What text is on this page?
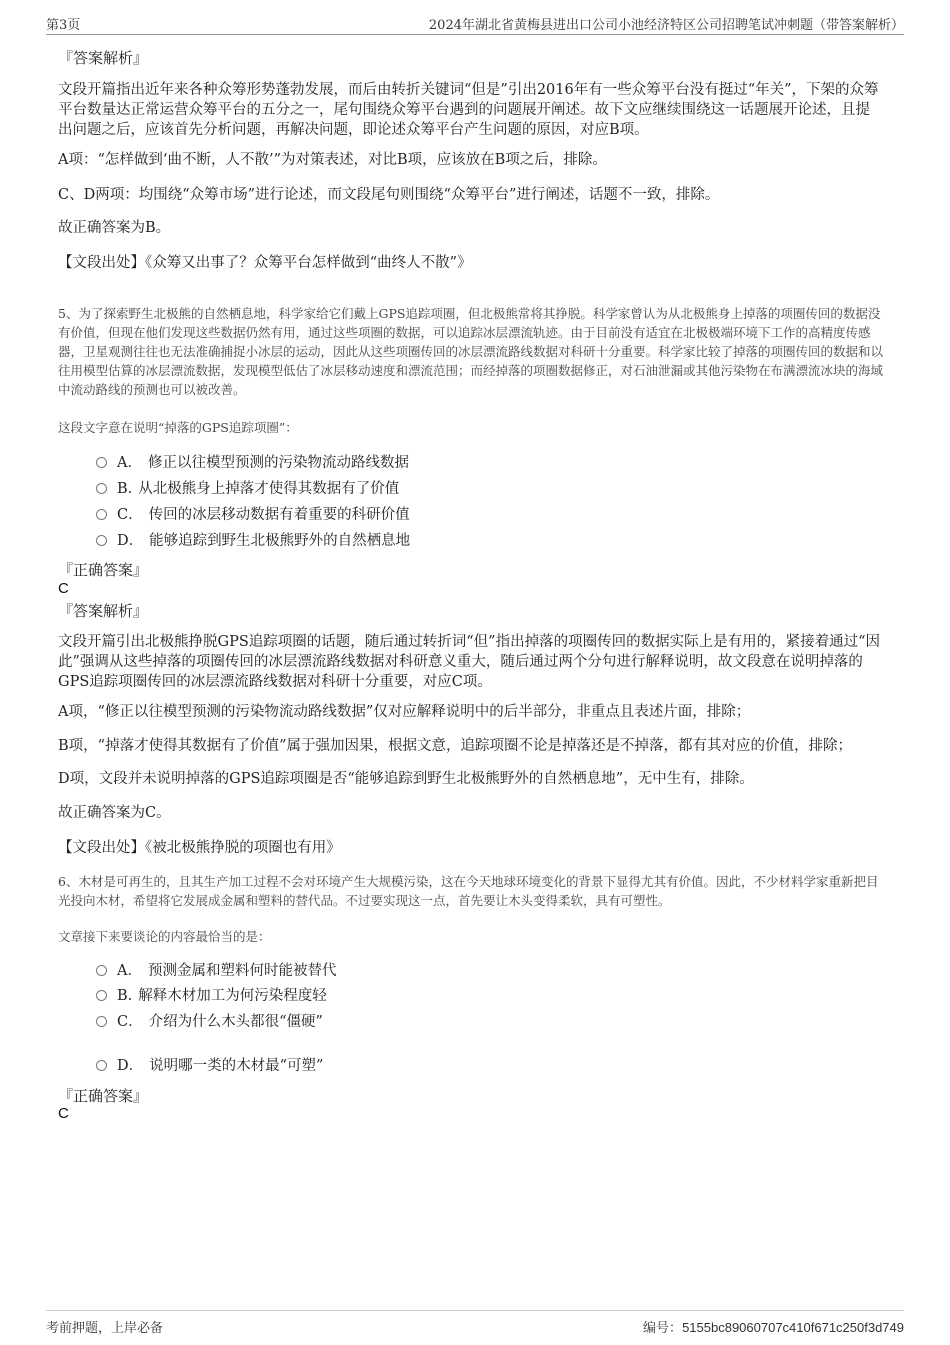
第3页	2024年湖北省黄梅县进出口公司小池经济特区公司招聘笔试冲刺题（带答案解析）
『答案解析』
文段开篇指出近年来各种众筹形势蓬勃发展，而后由转折关键词“但是”引出2016年有一些众筹平台没有挺过“年关”，下架的众筹平台数量达正常运营众筹平台的五分之一，尾句围绕众筹平台遇到的问题展开阐述。故下文应继续围绕这一话题展开论述，且提出问题之后，应该首先分析问题，再解决问题，即论述众筹平台产生问题的原因，对应B项。
A项：“怎样做到‘曲不断，人不散’”为对策表述，对比B项，应该放在B项之后，排除。
C、D两项：均围绕“众筹市场”进行论述，而文段尾句则围绕“众筹平台”进行阐述，话题不一致，排除。
故正确答案为B。
【文段出处】《众筹又出事了？众筹平台怎样做到“曲终人不散”》
5、为了探索野生北极熊的自然栖息地，科学家给它们戴上GPS追踪项圈，但北极熊常将其挣脱。科学家曾认为从北极熊身上掉落的项圈传回的数据没有价值，但现在他们发现这些数据仍然有用，通过这些项圈的数据，可以追踪冰层漂流轨迹。由于目前没有适宜在北极极端环境下工作的高精度传感器，卫星观测往往也无法准确捕捉小冰层的运动，因此从这些项圈传回的冰层漂流路线数据对科研十分重要。科学家比较了掉落的项圈传回的数据和以往用模型估算的冰层漂流数据，发现模型低估了冰层移动速度和漂流范围；而经掉落的项圈数据修正，对石油泄漏或其他污染物在布满漂流冰块的海域中流动路线的预测也可以被改善。
这段文字意在说明“掉落的GPS追踪项圈”：
A． 修正以往模型预测的污染物流动路线数据
B. 从北极熊身上掉落才使得其数据有了价值
C． 传回的冰层移动数据有着重要的科研价值
D． 能够追踪到野生北极熊野外的自然栖息地
『正确答案』
C
『答案解析』
文段开篇引出北极熊挣脱GPS追踪项圈的话题，随后通过转折词“但”指出掉落的项圈传回的数据实际上是有用的，紧接着通过“因此”强调从这些掉落的项圈传回的冰层漂流路线数据对科研意义重大，随后通过两个分句进行解释说明，故文段意在说明掉落的GPS追踪项圈传回的冰层漂流路线数据对科研十分重要，对应C项。
A项，“修正以往模型预测的污染物流动路线数据”仅对应解释说明中的后半部分，非重点且表述片面，排除；
B项，“掉落才使得其数据有了价值”属于强加因果，根据文意，追踪项圈不论是掉落还是不掉落，都有其对应的价值，排除；
D项，文段并未说明掉落的GPS追踪项圈是否“能够追踪到野生北极熊野外的自然栖息地”，无中生有，排除。
故正确答案为C。
【文段出处】《被北极熊挣脱的项圈也有用》
6、木材是可再生的，且其生产加工过程不会对环境产生大规模污染，这在今天地球环境变化的背景下显得尤其有价值。因此，不少材料学家重新把目光投向木材，希望将它发展成金属和塑料的替代品。不过要实现这一点，首先要让木头变得柔软，具有可塑性。
文章接下来要谈论的内容最恰当的是：
A． 预测金属和塑料何时能被替代
B. 解释木材加工为何污染程度轻
C． 介绍为什么木头都很“僵硬”
D． 说明哪一类的木材最“可塑”
『正确答案』
C
考前押题，上岸必备	编号：5155bc89060707c410f671c250f3d749
